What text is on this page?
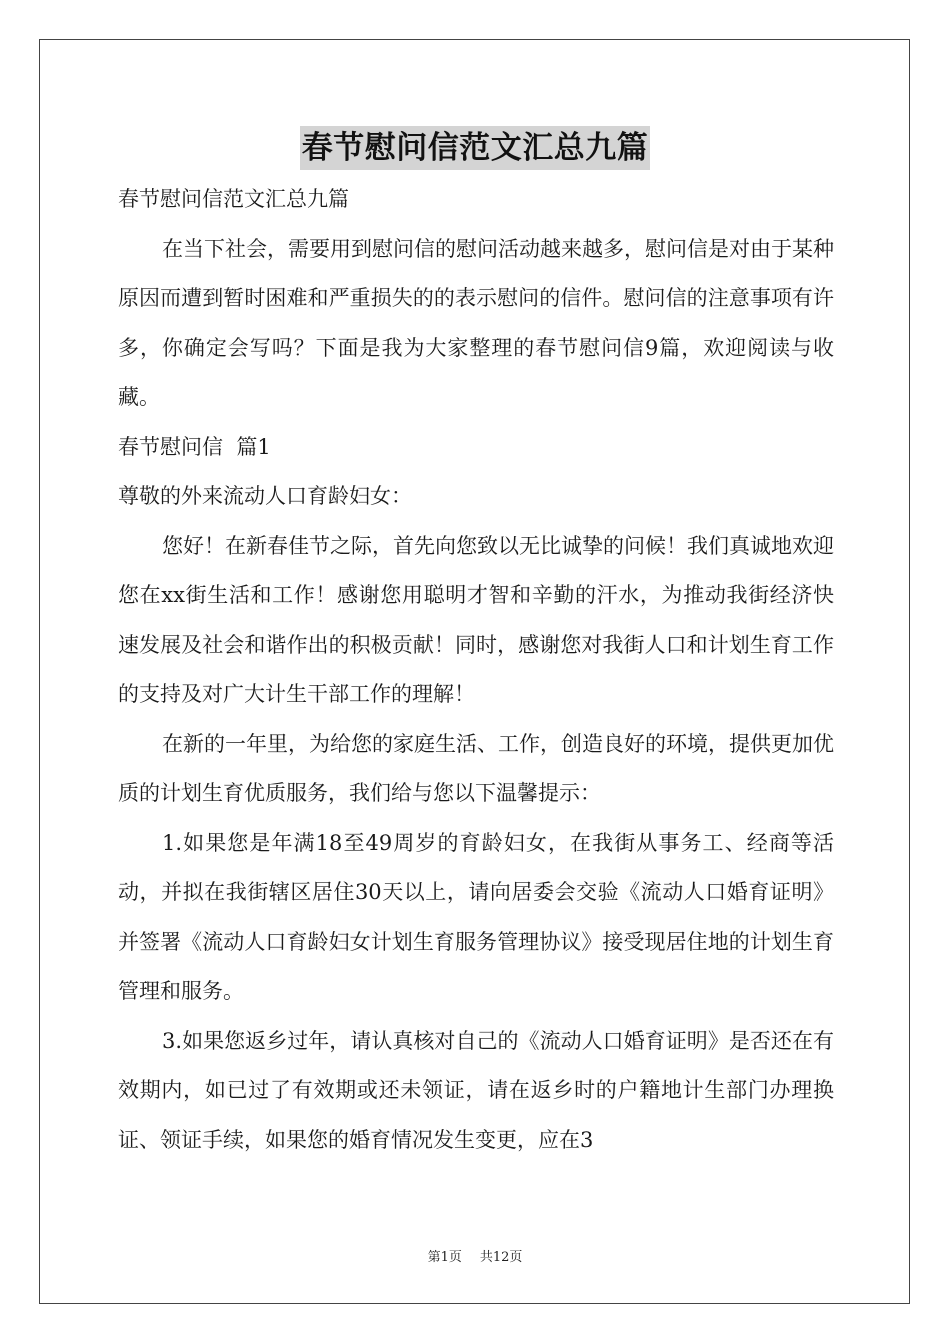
春节慰问信范文汇总九篇
春节慰问信范文汇总九篇

在当下社会，需要用到慰问信的慰问活动越来越多，慰问信是对由于某种原因而遭到暂时困难和严重损失的的表示慰问的信件。慰问信的注意事项有许多，你确定会写吗？下面是我为大家整理的春节慰问信9篇，欢迎阅读与收藏。

春节慰问信  篇1
尊敬的外来流动人口育龄妇女：

您好！在新春佳节之际，首先向您致以无比诚挚的问候！我们真诚地欢迎您在xx街生活和工作！感谢您用聪明才智和辛勤的汗水，为推动我街经济快速发展及社会和谐作出的积极贡献！同时，感谢您对我街人口和计划生育工作的支持及对广大计生干部工作的理解！

在新的一年里，为给您的家庭生活、工作，创造良好的环境，提供更加优质的计划生育优质服务，我们给与您以下温馨提示：

1.如果您是年满18至49周岁的育龄妇女，在我街从事务工、经商等活动，并拟在我街辖区居住30天以上，请向居委会交验《流动人口婚育证明》并签署《流动人口育龄妇女计划生育服务管理协议》接受现居住地的计划生育管理和服务。

3.如果您返乡过年，请认真核对自己的《流动人口婚育证明》是否还在有效期内，如已过了有效期或还未领证，请在返乡时的户籍地计生部门办理换证、领证手续，如果您的婚育情况发生变更，应在3

第1页 共12页
